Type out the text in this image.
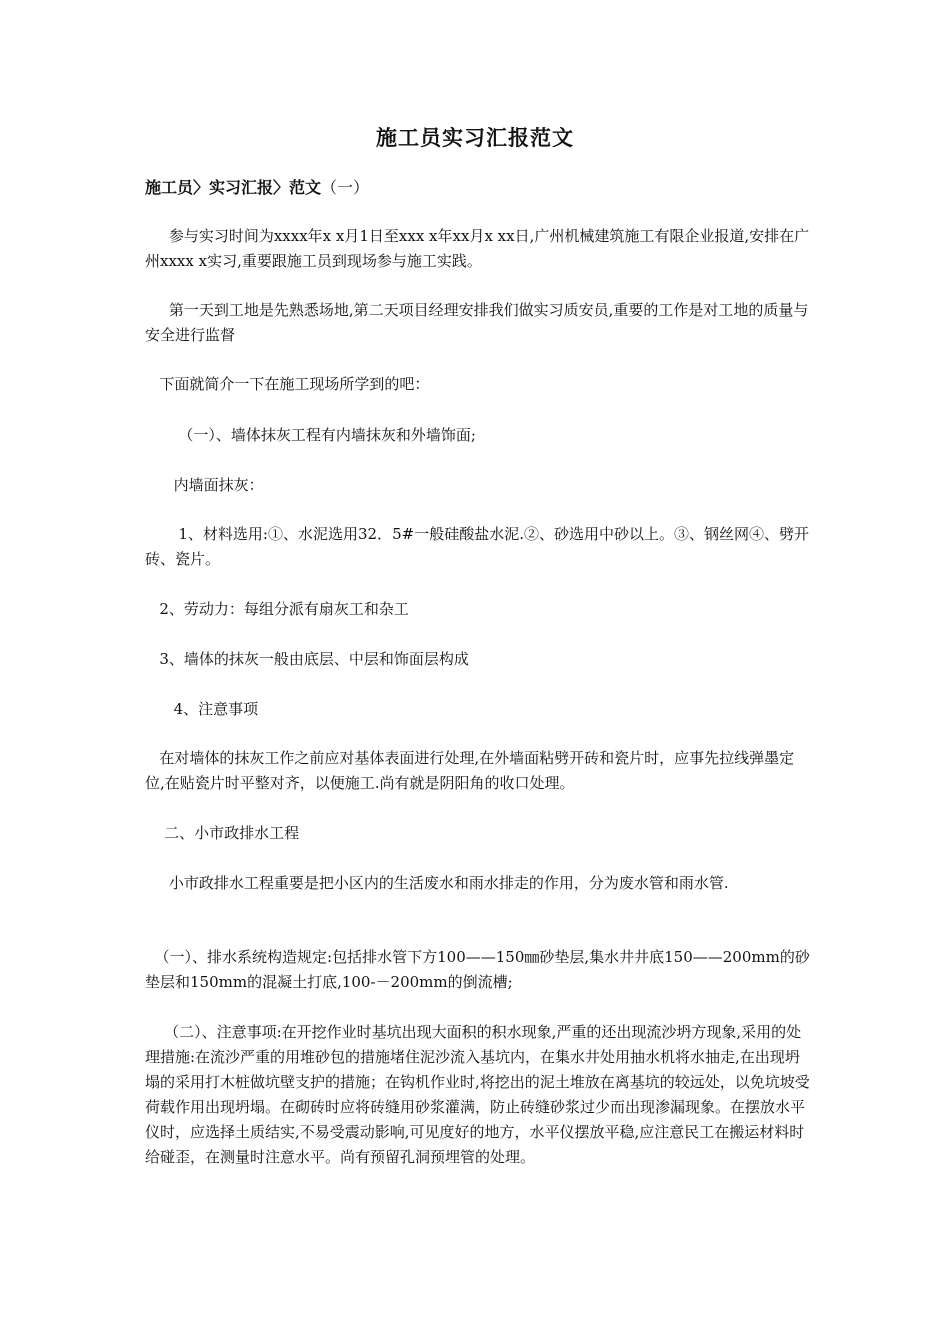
施工员实习汇报范文
施工员〉实习汇报〉范文（一）
参与实习时间为xxxx年x x月1日至xxx x年xx月x xx日,广州机械建筑施工有限企业报道,安排在广州xxxx x实习,重要跟施工员到现场参与施工实践。
第一天到工地是先熟悉场地,第二天项目经理安排我们做实习质安员,重要的工作是对工地的质量与安全进行监督
下面就简介一下在施工现场所学到的吧：
（一）、墙体抹灰工程有内墙抹灰和外墙饰面;
内墙面抹灰：
1、材料选用:①、水泥选用32．5#一般硅酸盐水泥.②、砂选用中砂以上。③、钢丝网④、劈开砖、瓷片。
2、劳动力：每组分派有扇灰工和杂工
3、墙体的抹灰一般由底层、中层和饰面层构成
4、注意事项
在对墙体的抹灰工作之前应对基体表面进行处理,在外墙面粘劈开砖和瓷片时，应事先拉线弹墨定位,在贴瓷片时平整对齐，以便施工.尚有就是阴阳角的收口处理。
二、小市政排水工程
小市政排水工程重要是把小区内的生活废水和雨水排走的作用，分为废水管和雨水管.
（一）、排水系统构造规定:包括排水管下方100——150㎜砂垫层,集水井井底150——200mm的砂垫层和150mm的混凝土打底,100-－200mm的倒流槽;
（二）、注意事项:在开挖作业时基坑出现大面积的积水现象,严重的还出现流沙坍方现象,采用的处理措施:在流沙严重的用堆砂包的措施堵住泥沙流入基坑内，在集水井处用抽水机将水抽走,在出现坍塌的采用打木桩做坑壁支护的措施；在钩机作业时,将挖出的泥土堆放在离基坑的较远处，以免坑坡受荷载作用出现坍塌。在砌砖时应将砖缝用砂浆灌满，防止砖缝砂浆过少而出现渗漏现象。在摆放水平仪时，应选择土质结实,不易受震动影响,可见度好的地方，水平仪摆放平稳,应注意民工在搬运材料时给碰歪，在测量时注意水平。尚有预留孔洞预埋管的处理。
